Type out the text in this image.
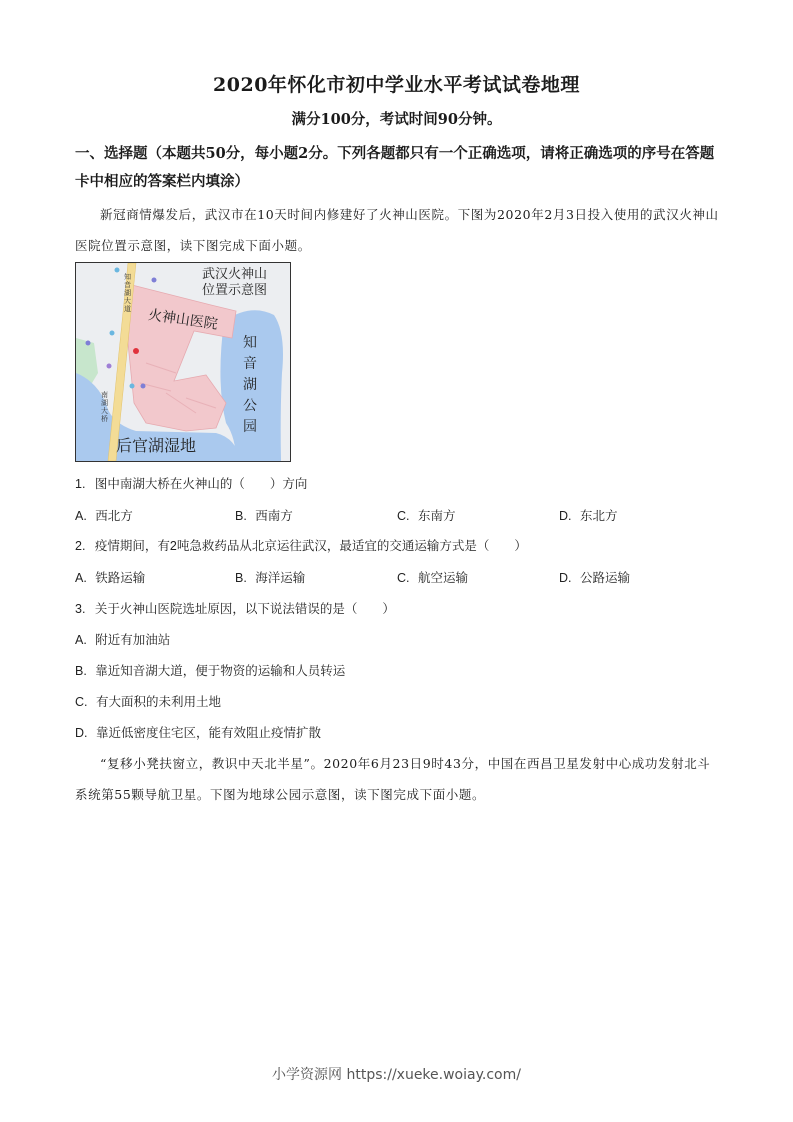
2020年怀化市初中学业水平考试试卷地理
满分100分，考试时间90分钟。
一、选择题（本题共50分，每小题2分。下列各题都只有一个正确选项，请将正确选项的序号在答题卡中相应的答案栏内填涂）
新冠商情爆发后，武汉市在10天时间内修建好了火神山医院。下图为2020年2月3日投入使用的武汉火神山医院位置示意图，读下图完成下面小题。
武汉火神山
位置示意图
火神山医院
知
音
湖
公
园
后官湖湿地
知
音
湖
大
道
南
湖
大
桥
1. 图中南湖大桥在火神山的（　　）方向
A. 西北方	B. 西南方	C. 东南方	D. 东北方
2. 疫情期间，有2吨急救药品从北京运往武汉，最适宜的交通运输方式是（　　）
A. 铁路运输	B. 海洋运输	C. 航空运输	D. 公路运输
3. 关于火神山医院选址原因，以下说法错误的是（　　）
A. 附近有加油站
B. 靠近知音湖大道，便于物资的运输和人员转运
C. 有大面积的未利用土地
D. 靠近低密度住宅区，能有效阻止疫情扩散
“复移小凳扶窗立，教识中天北半星”。2020年6月23日9时43分，中国在西昌卫星发射中心成功发射北斗系统第55颗导航卫星。下图为地球公园示意图，读下图完成下面小题。
小学资源网 https://xueke.woiay.com/
